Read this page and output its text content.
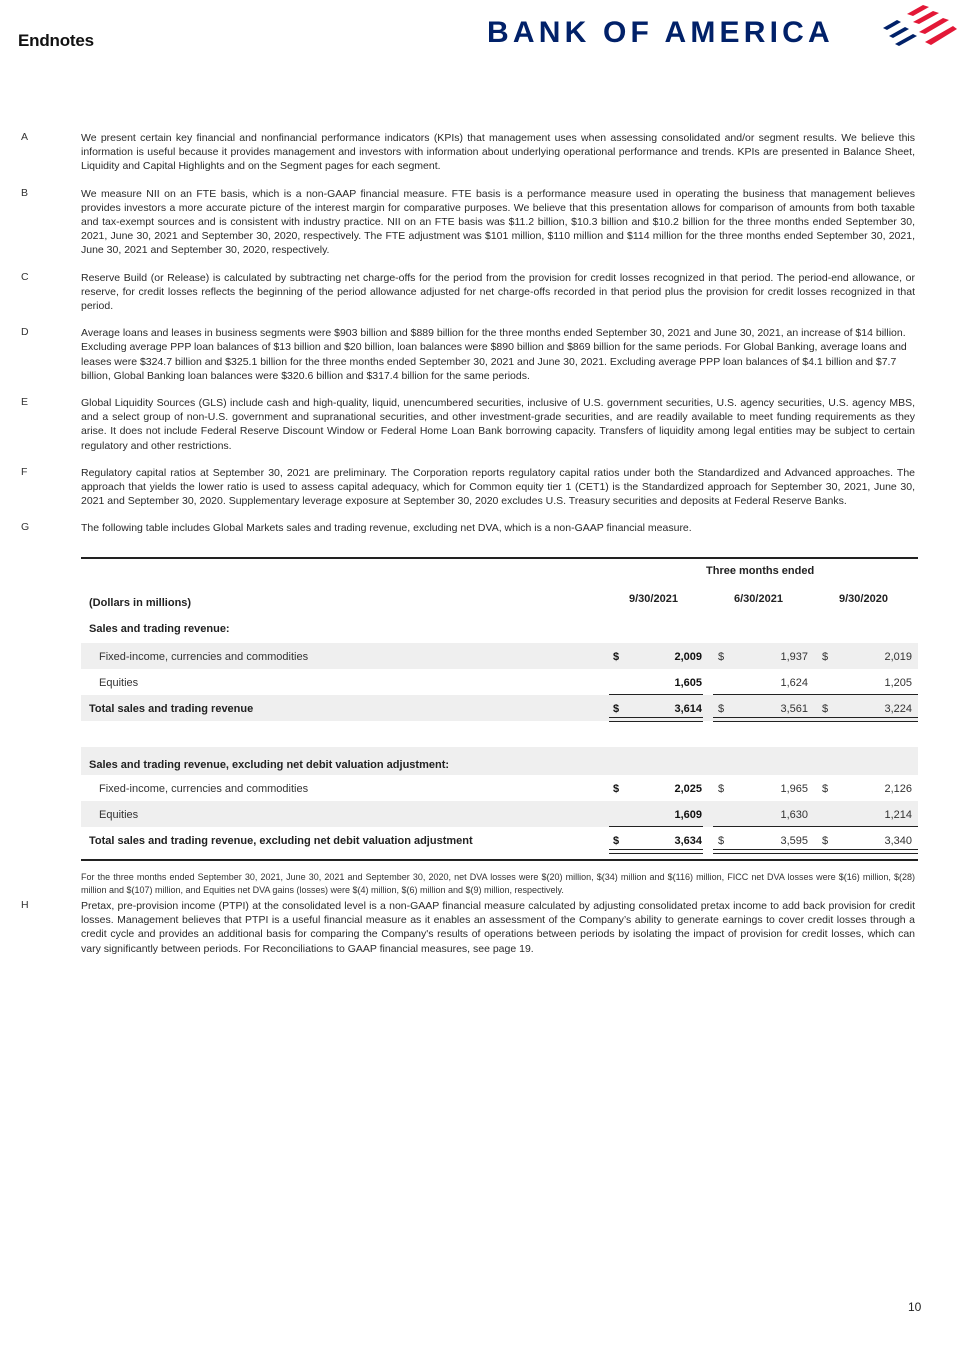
Endnotes	BANK OF AMERICA
A	We present certain key financial and nonfinancial performance indicators (KPIs) that management uses when assessing consolidated and/or segment results. We believe this information is useful because it provides management and investors with information about underlying operational performance and trends. KPIs are presented in Balance Sheet, Liquidity and Capital Highlights and on the Segment pages for each segment.
B	We measure NII on an FTE basis, which is a non-GAAP financial measure. FTE basis is a performance measure used in operating the business that management believes provides investors a more accurate picture of the interest margin for comparative purposes. We believe that this presentation allows for comparison of amounts from both taxable and tax-exempt sources and is consistent with industry practice. NII on an FTE basis was $11.2 billion, $10.3 billion and $10.2 billion for the three months ended September 30, 2021, June 30, 2021 and September 30, 2020, respectively. The FTE adjustment was $101 million, $110 million and $114 million for the three months ended September 30, 2021, June 30, 2021 and September 30, 2020, respectively.
C	Reserve Build (or Release) is calculated by subtracting net charge-offs for the period from the provision for credit losses recognized in that period. The period-end allowance, or reserve, for credit losses reflects the beginning of the period allowance adjusted for net charge-offs recorded in that period plus the provision for credit losses recognized in that period.
D	Average loans and leases in business segments were $903 billion and $889 billion for the three months ended September 30, 2021 and June 30, 2021, an increase of $14 billion. Excluding average PPP loan balances of $13 billion and $20 billion, loan balances were $890 billion and $869 billion for the same periods. For Global Banking, average loans and leases were $324.7 billion and $325.1 billion for the three months ended September 30, 2021 and June 30, 2021. Excluding average PPP loan balances of $4.1 billion and $7.7 billion, Global Banking loan balances were $320.6 billion and $317.4 billion for the same periods.
E	Global Liquidity Sources (GLS) include cash and high-quality, liquid, unencumbered securities, inclusive of U.S. government securities, U.S. agency securities, U.S. agency MBS, and a select group of non-U.S. government and supranational securities, and other investment-grade securities, and are readily available to meet funding requirements as they arise. It does not include Federal Reserve Discount Window or Federal Home Loan Bank borrowing capacity. Transfers of liquidity among legal entities may be subject to certain regulatory and other restrictions.
F	Regulatory capital ratios at September 30, 2021 are preliminary. The Corporation reports regulatory capital ratios under both the Standardized and Advanced approaches. The approach that yields the lower ratio is used to assess capital adequacy, which for Common equity tier 1 (CET1) is the Standardized approach for September 30, 2021, June 30, 2021 and September 30, 2020. Supplementary leverage exposure at September 30, 2020 excludes U.S. Treasury securities and deposits at Federal Reserve Banks.
G	The following table includes Global Markets sales and trading revenue, excluding net DVA, which is a non-GAAP financial measure.
Three months ended
(Dollars in millions)	9/30/2021	6/30/2021	9/30/2020
Sales and trading revenue:
Fixed-income, currencies and commodities	$	2,009 $	1,937 $	2,019
Equities	1,605	1,624	1,205
Total sales and trading revenue	$	3,614 $	3,561 $	3,224
Sales and trading revenue, excluding net debit valuation adjustment:
Fixed-income, currencies and commodities	$	2,025 $	1,965 $	2,126
Equities	1,609	1,630	1,214
Total sales and trading revenue, excluding net debit valuation adjustment	$	3,634 $	3,595 $	3,340
For the three months ended September 30, 2021, June 30, 2021 and September 30, 2020, net DVA losses were $(20) million, $(34) million and $(116) million, FICC net DVA losses were $(16) million, $(28) million and $(107) million, and Equities net DVA gains (losses) were $(4) million, $(6) million and $(9) million, respectively.
H	Pretax, pre-provision income (PTPI) at the consolidated level is a non-GAAP financial measure calculated by adjusting consolidated pretax income to add back provision for credit losses. Management believes that PTPI is a useful financial measure as it enables an assessment of the Company’s ability to generate earnings to cover credit losses through a credit cycle and provides an additional basis for comparing the Company's results of operations between periods by isolating the impact of provision for credit losses, which can vary significantly between periods. For Reconciliations to GAAP financial measures, see page 19.
10
